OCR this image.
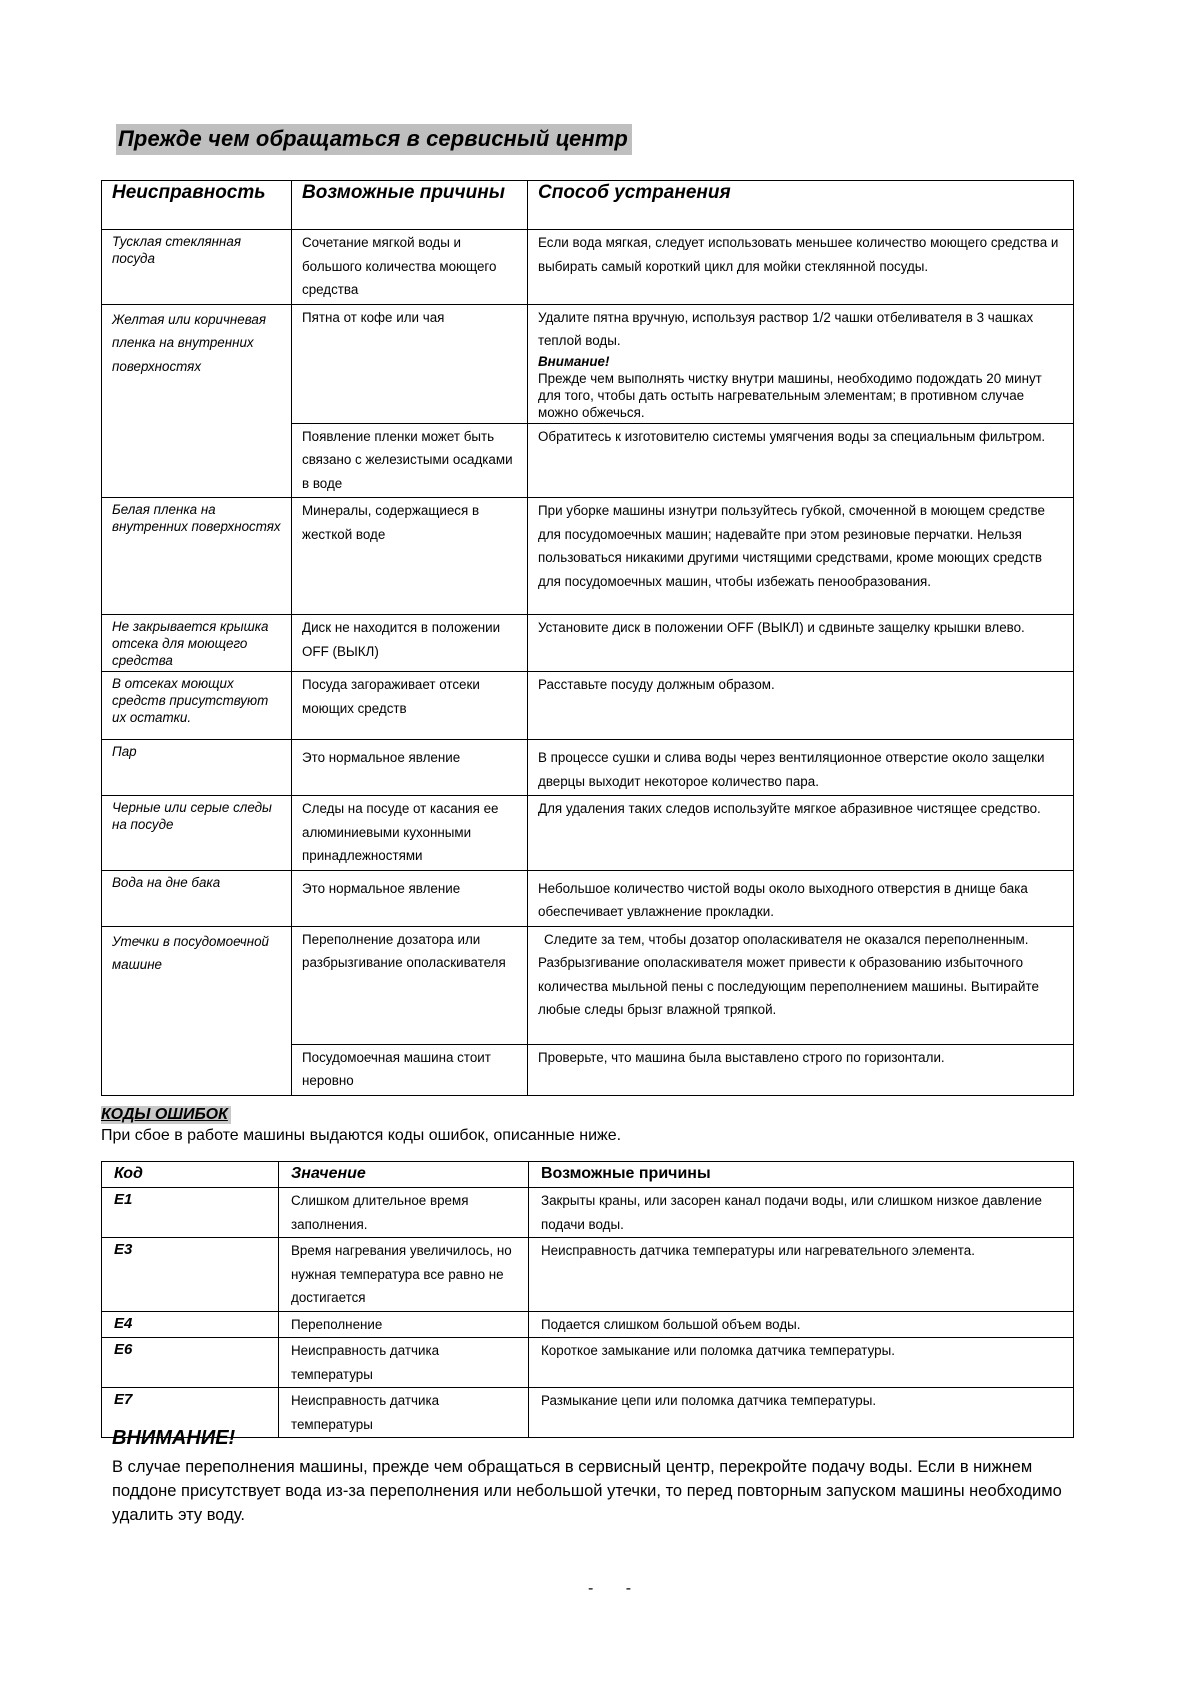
Прежде чем обращаться в сервисный центр
Неисправность	Возможные причины	Способ устранения
Тусклая стеклянная посуда	Сочетание мягкой воды и большого количества моющего средства	Если вода мягкая, следует использовать меньшее количество моющего средства и выбирать самый короткий цикл для мойки стеклянной посуды.
Желтая или коричневая пленка на внутренних поверхностях	Пятна от кофе или чая	Удалите пятна вручную, используя раствор 1/2 чашки отбеливателя в 3 чашках теплой воды.
Внимание!
Прежде чем выполнять чистку внутри машины, необходимо подождать 20 минут для того, чтобы дать остыть нагревательным элементам; в противном случае можно обжечься.

	Появление пленки может быть связано с железистыми осадками в воде	Обратитесь к изготовителю системы умягчения воды за специальным фильтром.
Белая пленка на внутренних поверхностях	Минералы, содержащиеся в жесткой воде	При уборке машины изнутри пользуйтесь губкой, смоченной в моющем средстве для посудомоечных машин; надевайте при этом резиновые перчатки. Нельзя пользоваться никакими другими чистящими средствами, кроме моющих средств для посудомоечных машин, чтобы избежать пенообразования.
Не закрывается крышка отсека для моющего средства	Диск не находится в положении OFF (ВЫКЛ)	Установите диск в положении OFF (ВЫКЛ) и сдвиньте защелку крышки влево.
В отсеках моющих средств присутствуют их остатки.	Посуда загораживает отсеки моющих средств	Расставьте посуду должным образом.
Пар	Это нормальное явление	В процессе сушки и слива воды через вентиляционное отверстие около защелки дверцы выходит некоторое количество пара.
Черные или серые следы на посуде	Следы на посуде от касания ее алюминиевыми кухонными принадлежностями	Для удаления таких следов используйте мягкое абразивное чистящее средство.
Вода на дне бака	Это нормальное явление	Небольшое количество чистой воды около выходного отверстия в днище бака обеспечивает увлажнение прокладки.
Утечки в посудомоечной машине	Переполнение дозатора или разбрызгивание ополаскивателя	Следите за тем, чтобы дозатор ополаскивателя не оказался переполненным.
Разбрызгивание ополаскивателя может привести к образованию избыточного количества мыльной пены с последующим переполнением машины. Вытирайте любые следы брызг влажной тряпкой.
	Посудомоечная машина стоит неровно	Проверьте, что машина была выставлено строго по горизонтали.
КОДЫ ОШИБОК
При сбое в работе машины выдаются коды ошибок, описанные ниже.
Код	Значение	Возможные причины
E1	Слишком длительное время заполнения.	Закрыты краны, или засорен канал подачи воды, или слишком низкое давление подачи воды.
E3	Время нагревания увеличилось, но нужная температура все равно не достигается	Неисправность датчика температуры или нагревательного элемента.
E4	Переполнение	Подается слишком большой объем воды.
E6	Неисправность датчика температуры	Короткое замыкание или поломка датчика температуры.
E7	Неисправность датчика температуры	Размыкание цепи или поломка датчика температуры.
ВНИМАНИЕ!
В случае переполнения машины, прежде чем обращаться в сервисный центр, перекройте подачу воды. Если в нижнем поддоне присутствует вода из-за переполнения или небольшой утечки, то перед повторным запуском машины необходимо удалить эту воду.
- -
